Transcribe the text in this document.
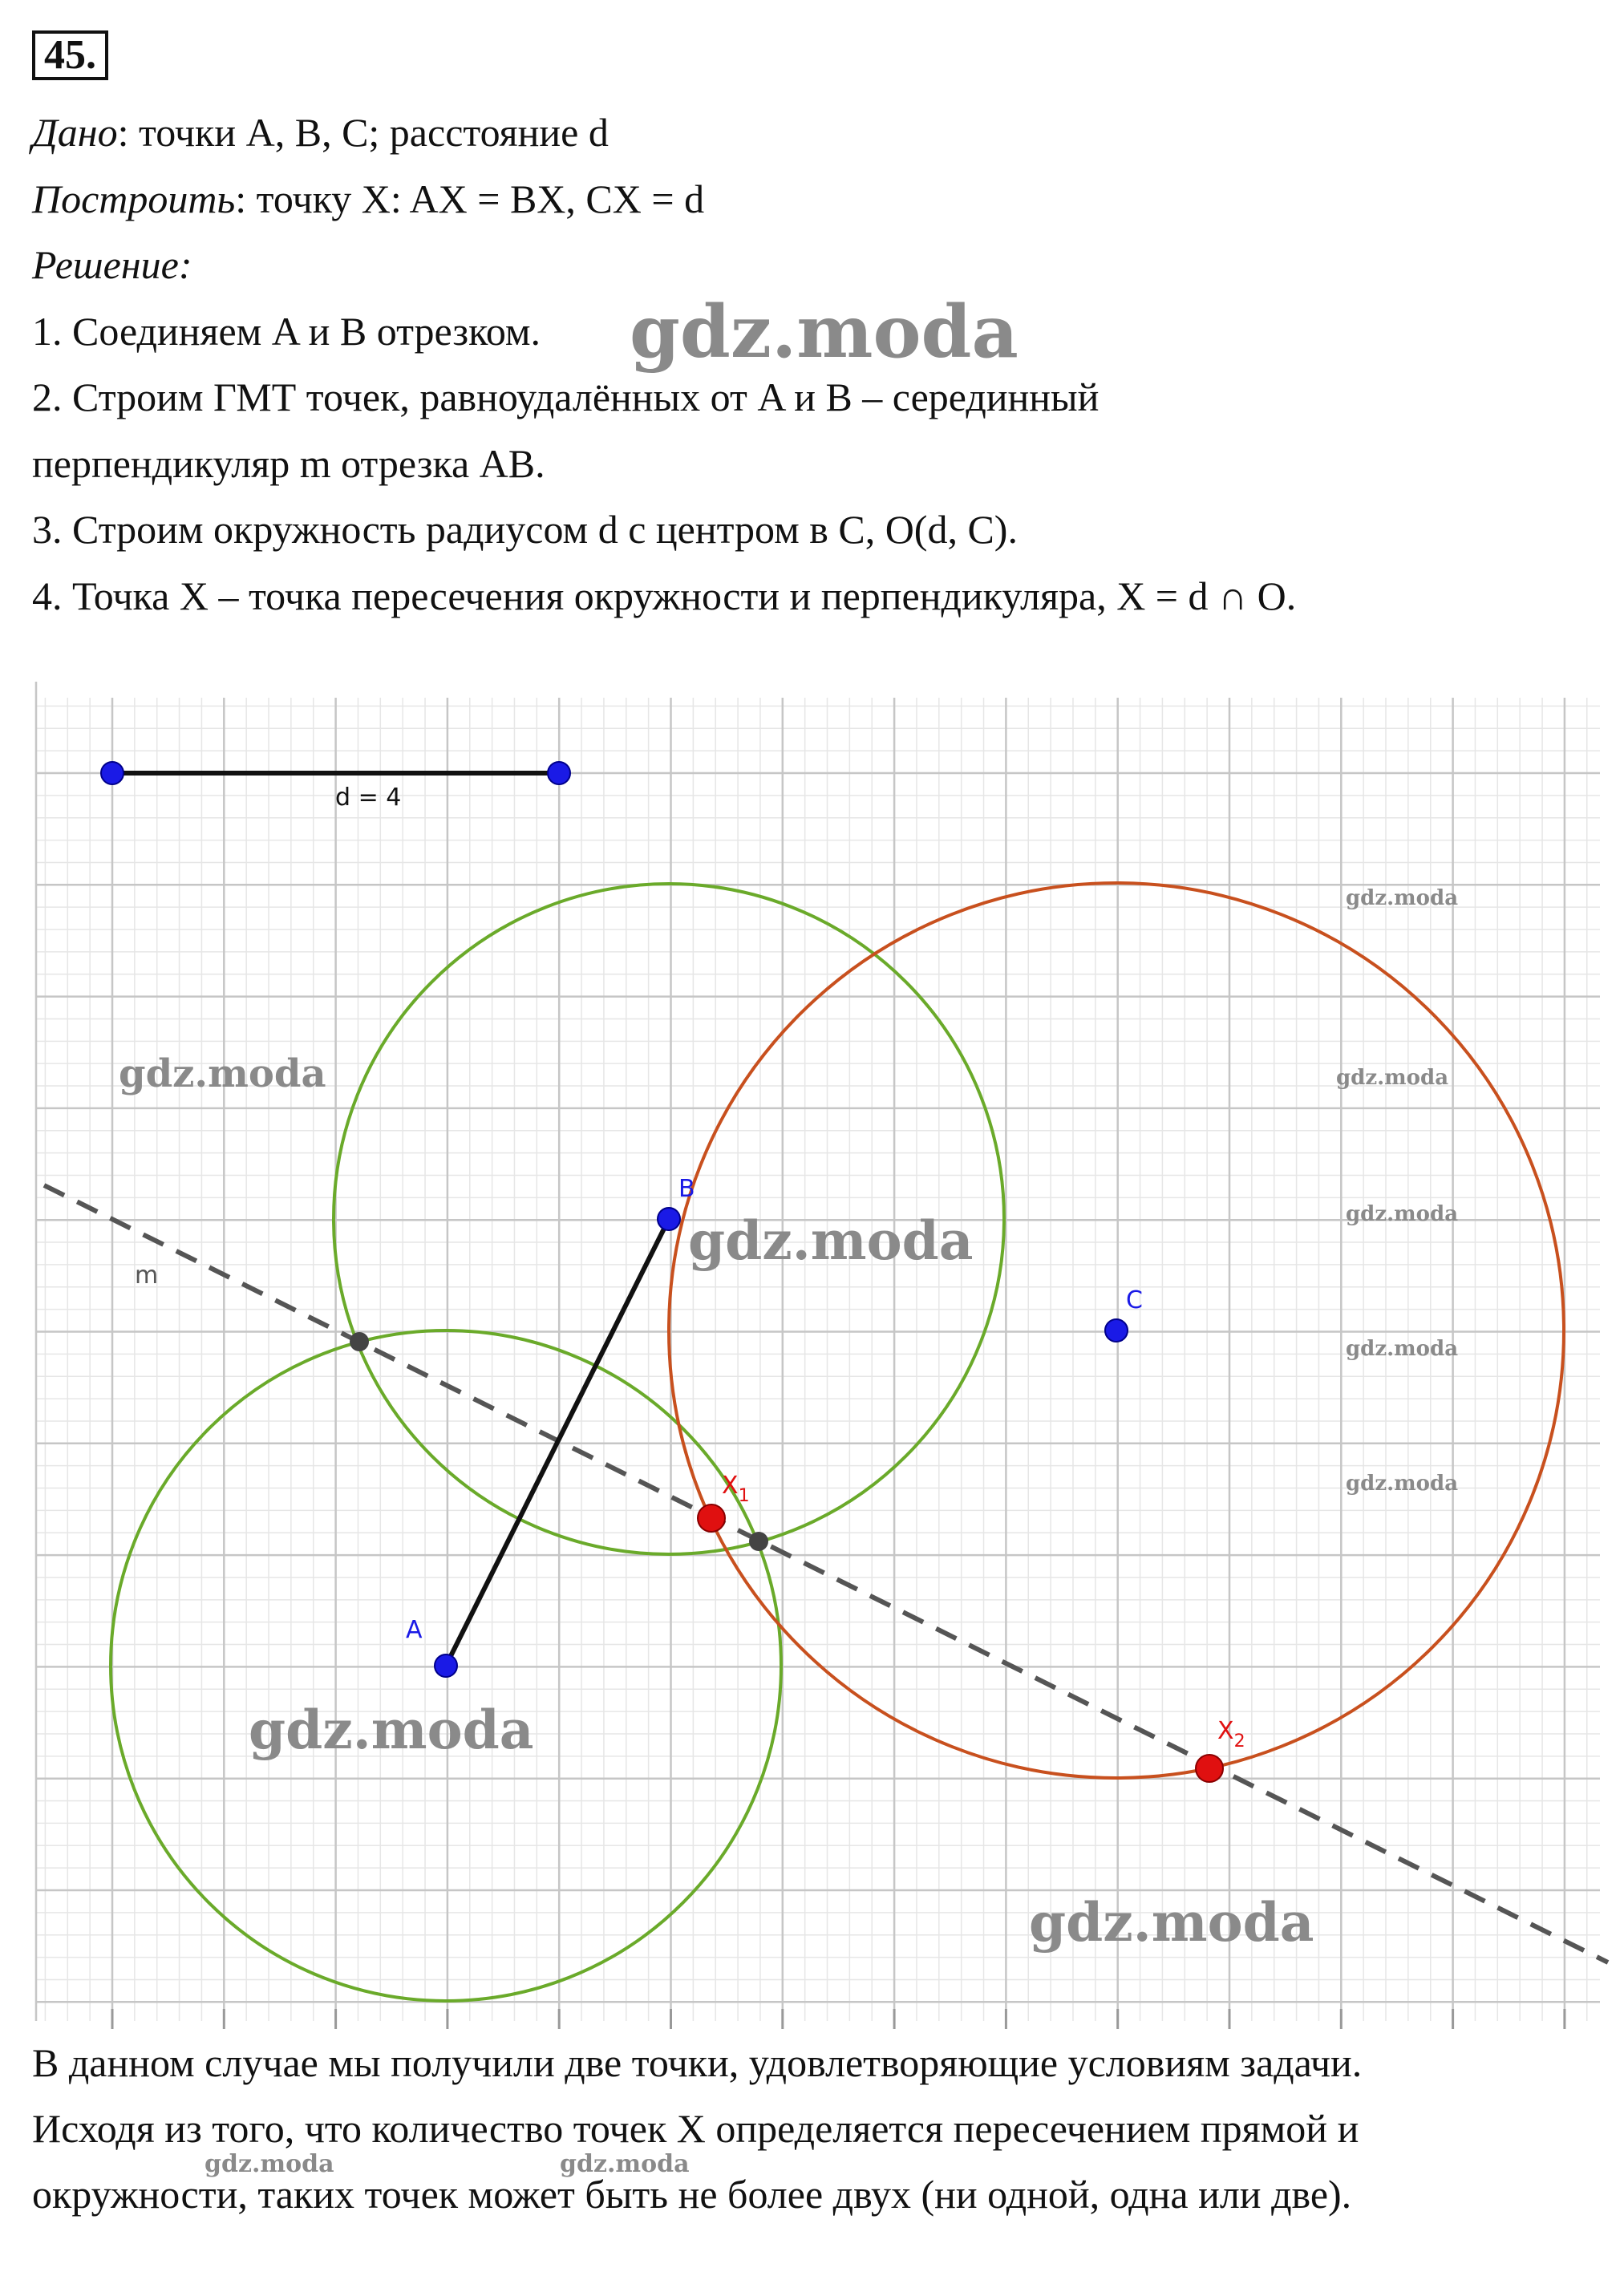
45.
Дано: точки A, B, C; расстояние d
Построить: точку X: AX = BX, CX = d
Решение:
1. Соединяем A и B отрезком.
2. Строим ГМТ точек, равноудалённых от A и B – серединный
перпендикуляр m отрезка AB.
3. Строим окружность радиусом d с центром в C, O(d, C).
4. Точка X – точка пересечения окружности и перпендикуляра, X = d ∩ O.
d = 4
A
B
C
m
$X_1$
$X_2$
gdz.moda
gdz.moda
gdz.moda
gdz.moda
gdz.moda
gdz.moda
gdz.moda
gdz.moda
gdz.moda
gdz.moda
gdz.moda	gdz.moda
В данном случае мы получили две точки, удовлетворяющие условиям задачи.
Исходя из того, что количество точек X определяется пересечением прямой и
окружности, таких точек может быть не более двух (ни одной, одна или две).
